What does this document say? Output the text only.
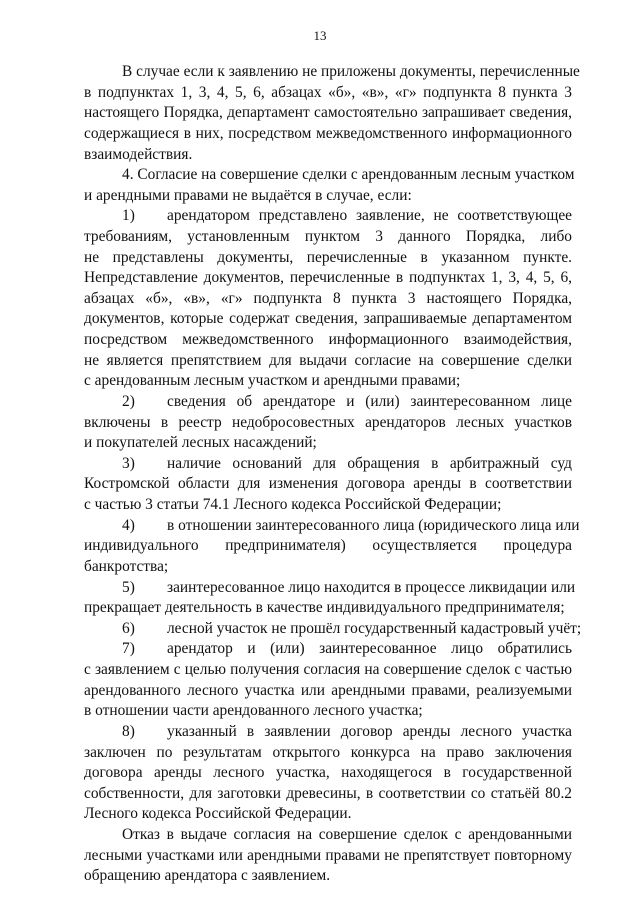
13
В случае если к заявлению не приложены документы, перечисленные
в подпунктах 1, 3, 4, 5, 6, абзацах «б», «в», «г» подпункта 8 пункта 3
настоящего Порядка, департамент самостоятельно запрашивает сведения,
содержащиеся в них, посредством межведомственного информационного
взаимодействия.
4. Согласие на совершение сделки с арендованным лесным участком
и арендными правами не выдаётся в случае, если:
1) арендатором представлено заявление, не соответствующее
требованиям, установленным пунктом 3 данного Порядка, либо
не представлены документы, перечисленные в указанном пункте.
Непредставление документов, перечисленные в подпунктах 1, 3, 4, 5, 6,
абзацах «б», «в», «г» подпункта 8 пункта 3 настоящего Порядка,
документов, которые содержат сведения, запрашиваемые департаментом
посредством межведомственного информационного взаимодействия,
не является препятствием для выдачи согласие на совершение сделки
с арендованным лесным участком и арендными правами;
2) сведения об арендаторе и (или) заинтересованном лице
включены в реестр недобросовестных арендаторов лесных участков
и покупателей лесных насаждений;
3) наличие оснований для обращения в арбитражный суд
Костромской области для изменения договора аренды в соответствии
с частью 3 статьи 74.1 Лесного кодекса Российской Федерации;
4) в отношении заинтересованного лица (юридического лица или
индивидуального предпринимателя) осуществляется процедура
банкротства;
5) заинтересованное лицо находится в процессе ликвидации или
прекращает деятельность в качестве индивидуального предпринимателя;
6) лесной участок не прошёл государственный кадастровый учёт;
7) арендатор и (или) заинтересованное лицо обратились
с заявлением с целью получения согласия на совершение сделок с частью
арендованного лесного участка или арендными правами, реализуемыми
в отношении части арендованного лесного участка;
8) указанный в заявлении договор аренды лесного участка
заключен по результатам открытого конкурса на право заключения
договора аренды лесного участка, находящегося в государственной
собственности, для заготовки древесины, в соответствии со статьёй 80.2
Лесного кодекса Российской Федерации.
Отказ в выдаче согласия на совершение сделок с арендованными
лесными участками или арендными правами не препятствует повторному
обращению арендатора с заявлением.
